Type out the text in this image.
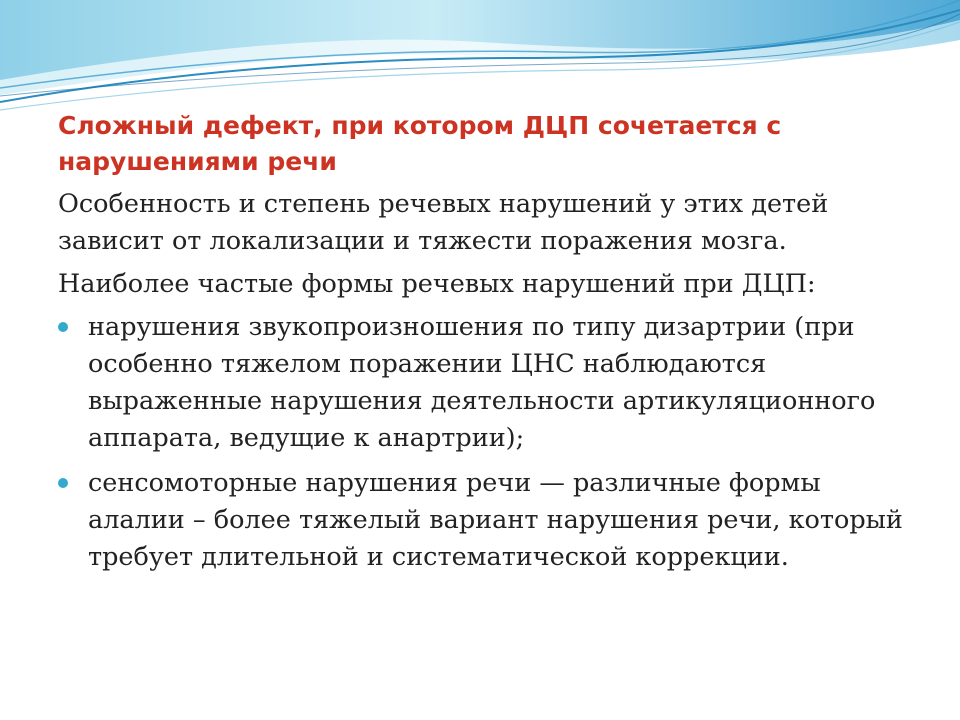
Сложный дефект, при котором ДЦП сочетается с нарушениями речи

Особенность и степень речевых нарушений у этих детей зависит от локализации и тяжести поражения мозга.

Наиболее частые формы речевых нарушений при ДЦП:

нарушения звукопроизношения по типу дизартрии (при особенно тяжелом поражении ЦНС наблюдаются выраженные нарушения деятельности артикуляционного аппарата, ведущие к анартрии);
сенсомоторные нарушения речи — различные формы алалии – более тяжелый вариант нарушения речи, который требует длительной и систематической коррекции.
